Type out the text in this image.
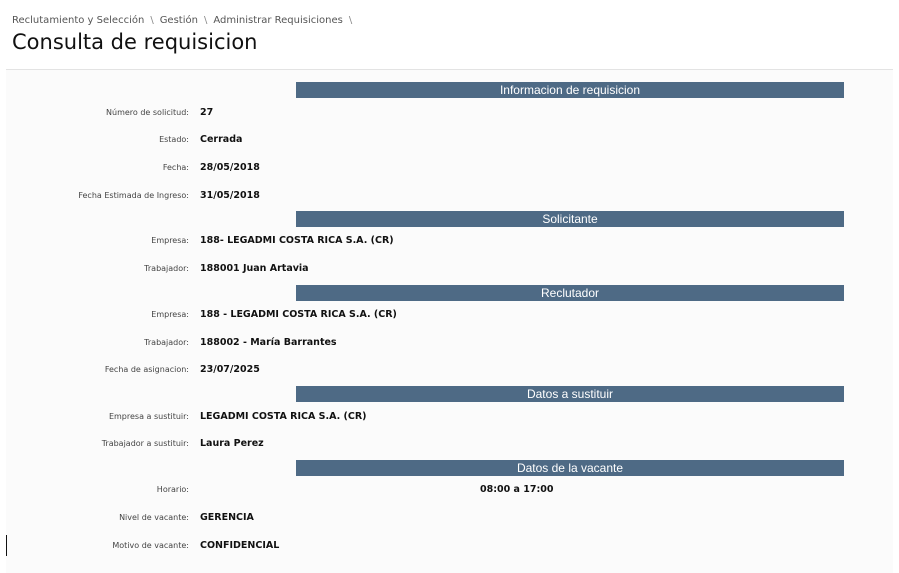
Reclutamiento y Selección \ Gestión \ Administrar Requisiciones \
Consulta de requisicion
Informacion de requisicion
Número de solicitud: 27
Estado: Cerrada
Fecha: 28/05/2018
Fecha Estimada de Ingreso: 31/05/2018
Solicitante
Empresa: 188- LEGADMI COSTA RICA S.A. (CR)
Trabajador: 188001 Juan Artavia
Reclutador
Empresa: 188 - LEGADMI COSTA RICA S.A. (CR)
Trabajador: 188002 - María Barrantes
Fecha de asignacion: 23/07/2025
Datos a sustituir
Empresa a sustituir: LEGADMI COSTA RICA S.A. (CR)
Trabajador a sustituir: Laura Perez
Datos de la vacante
Horario:	08:00 a 17:00
Nivel de vacante: GERENCIA
Motivo de vacante: CONFIDENCIAL
